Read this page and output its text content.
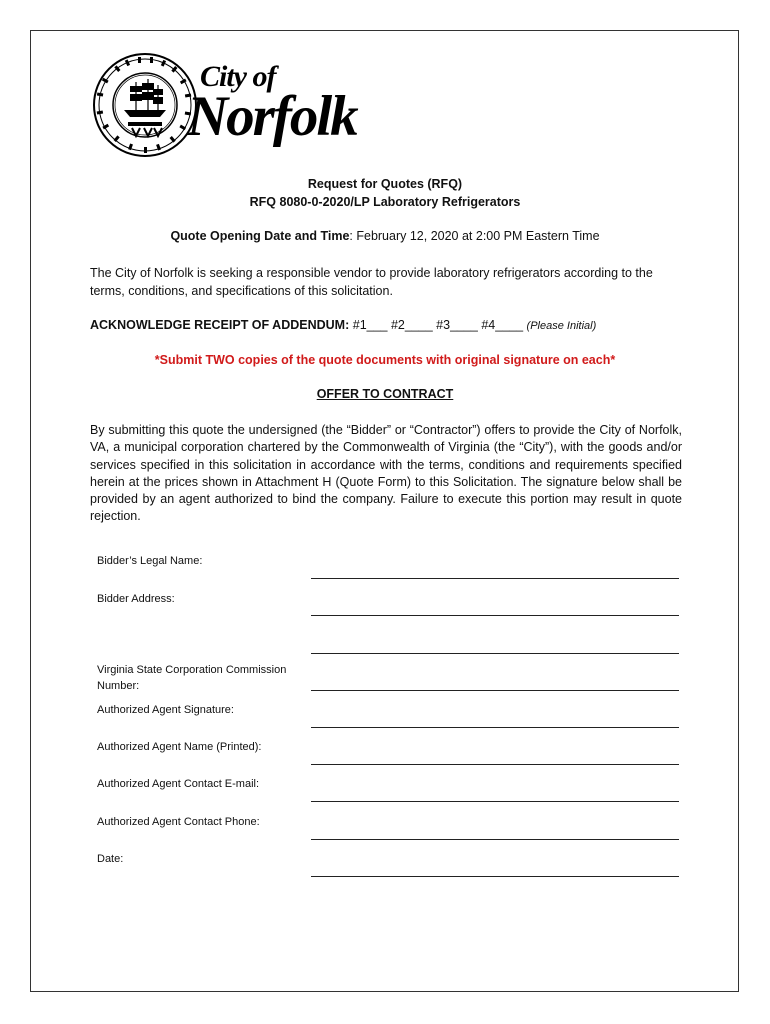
City of
Norfolk
Request for Quotes (RFQ)
RFQ 8080-0-2020/LP Laboratory Refrigerators
Quote Opening Date and Time: February 12, 2020 at 2:00 PM Eastern Time
The City of Norfolk is seeking a responsible vendor to provide laboratory refrigerators according to the terms, conditions, and specifications of this solicitation.
ACKNOWLEDGE RECEIPT OF ADDENDUM: #1___ #2____ #3____ #4____ (Please Initial)
*Submit TWO copies of the quote documents with original signature on each*
OFFER TO CONTRACT
By submitting this quote the undersigned (the “Bidder” or “Contractor”) offers to provide the City of Norfolk, VA, a municipal corporation chartered by the Commonwealth of Virginia (the “City”), with the goods and/or services specified in this solicitation in accordance with the terms, conditions and requirements specified herein at the prices shown in Attachment H (Quote Form) to this Solicitation. The signature below shall be provided by an agent authorized to bind the company. Failure to execute this portion may result in quote rejection.
Bidder’s Legal Name:
Bidder Address:
Virginia State Corporation Commission Number:
Authorized Agent Signature:
Authorized Agent Name (Printed):
Authorized Agent Contact E-mail:
Authorized Agent Contact Phone:
Date:
